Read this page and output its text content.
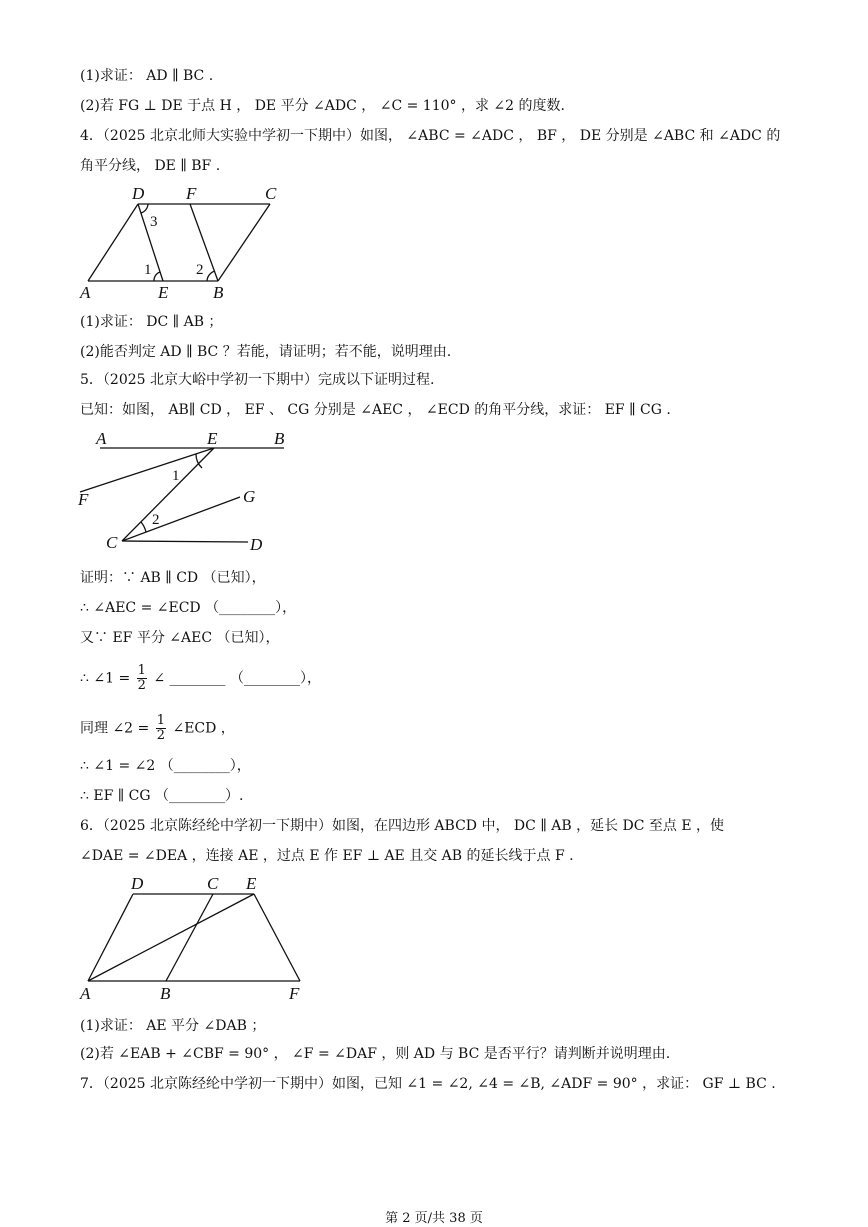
(1)求证： AD ∥ BC .
(2)若 FG ⊥ DE 于点 H ， DE 平分 ∠ADC ， ∠C = 110° ，求 ∠2 的度数.
4．（2025 北京北师大实验中学初一下期中）如图， ∠ABC = ∠ADC ， BF ， DE 分别是 ∠ABC 和 ∠ADC 的
角平分线， DE ∥ BF .
D F	C
A	E	B
3
1	2
A	E	B
F	G
C	D
1
2
D	C E
A	B	F
(1)求证： DC ∥ AB ；
(2)能否判定 AD ∥ BC ？若能，请证明；若不能，说明理由.
5．（2025 北京大峪中学初一下期中）完成以下证明过程.
已知：如图， AB∥ CD ， EF 、 CG 分别是 ∠AEC ， ∠ECD 的角平分线，求证： EF ∥ CG .
证明：∵ AB ∥ CD （已知），
∴ ∠AEC = ∠ECD （________），
又∵ EF 平分 ∠AEC （已知），
∴ ∠1 = $\frac{1}{2}$ ∠ ________ （________），
同理 ∠2 = $\frac{1}{2}$ ∠ECD ，
∴ ∠1 = ∠2 （________），
∴ EF ∥ CG （________）.
6．（2025 北京陈经纶中学初一下期中）如图，在四边形 ABCD 中， DC ∥ AB ，延长 DC 至点 E ，使
∠DAE = ∠DEA ，连接 AE ，过点 E 作 EF ⊥ AE 且交 AB 的延长线于点 F .
(1)求证： AE 平分 ∠DAB ；
(2)若 ∠EAB + ∠CBF = 90° ， ∠F = ∠DAF ，则 AD 与 BC 是否平行？请判断并说明理由.
7．（2025 北京陈经纶中学初一下期中）如图，已知 ∠1 = ∠2, ∠4 = ∠B, ∠ADF = 90° ，求证： GF ⊥ BC .
第 2 页/共 38 页
